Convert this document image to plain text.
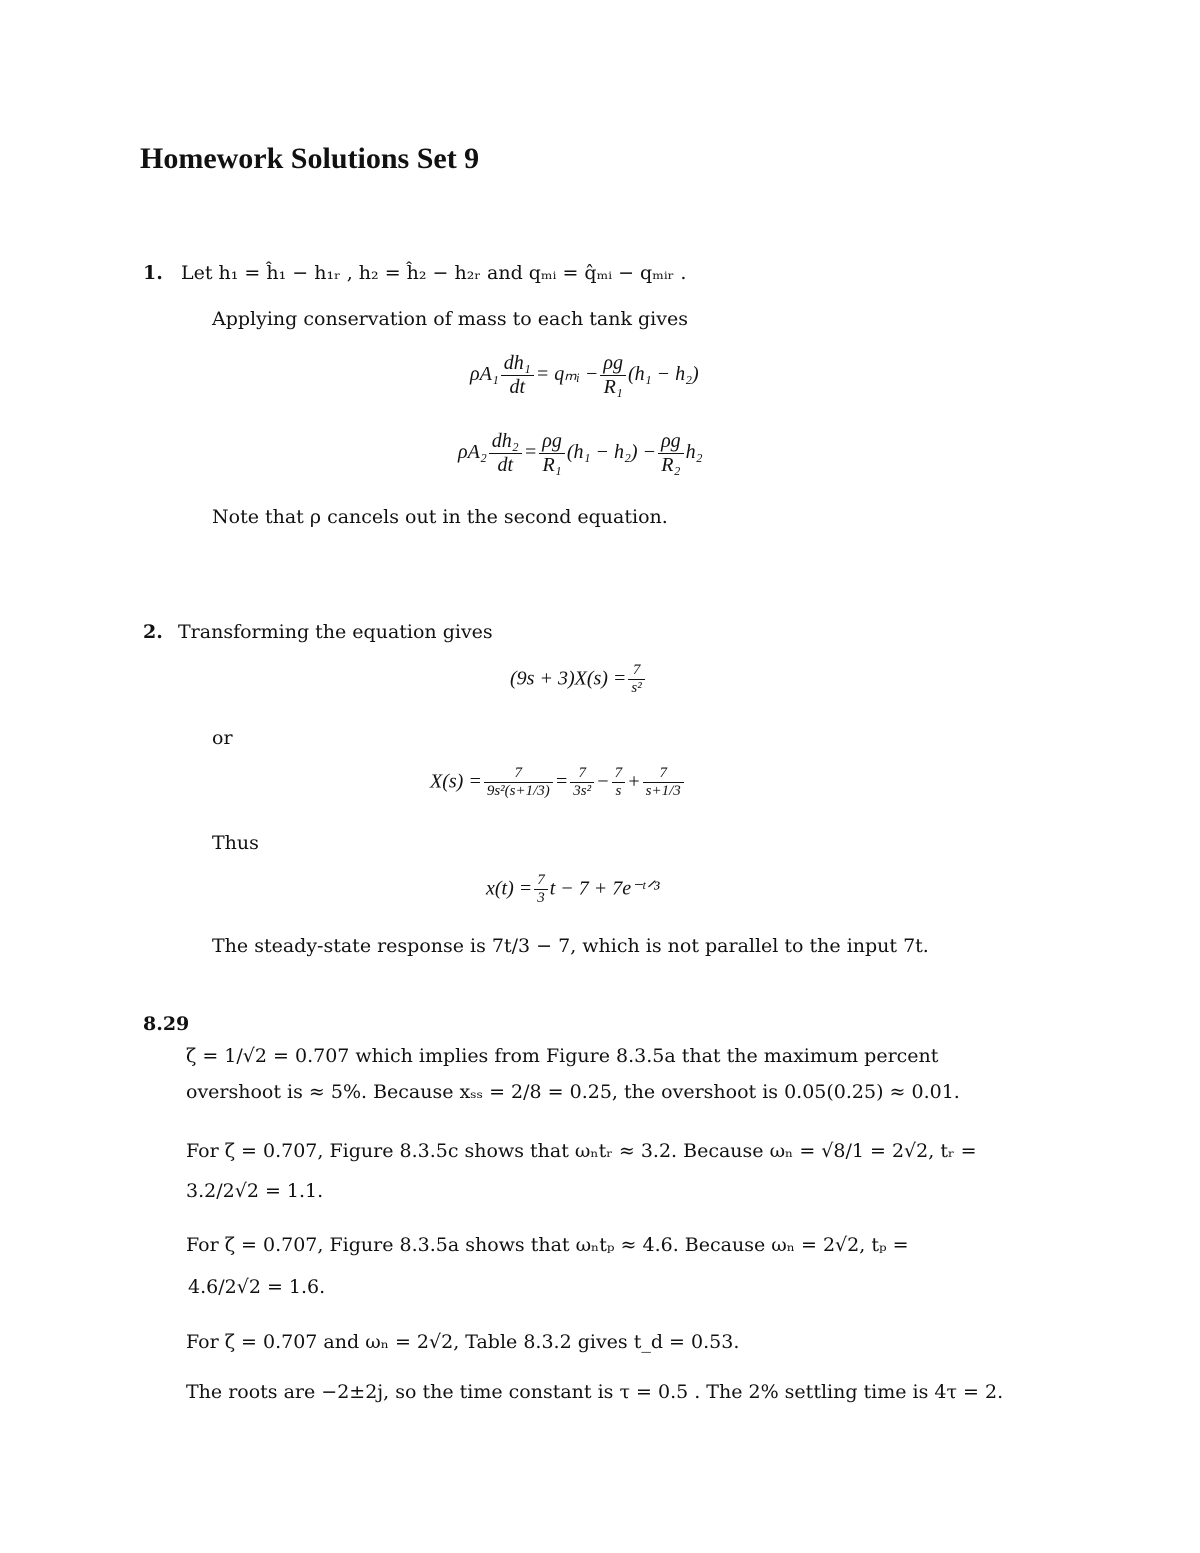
Homework Solutions Set 9
1. Let h₁ = ĥ₁ − h₁ᵣ , h₂ = ĥ₂ − h₂ᵣ and qₘᵢ = q̂ₘᵢ − qₘᵢᵣ .
Applying conservation of mass to each tank gives
$\rho A_1 \frac{\text{dh₁}}{dt}$ = qₘᵢ − $\frac{\rho g}{\text{R₁}} (h_1 - h_2)$
$\rho A_2 \frac{\text{dh₂}}{dt} = \frac{\rho g}{\text{R₁}} (h_1 - h_2) - \frac{\rho g}{\text{R₂}} h_2$
Note that ρ cancels out in the second equation.
2. Transforming the equation gives
$(9s + 3)X(s) = \frac{7}{\text{s²}}$
or
$X(s) = \frac{7}{\text{9s²(s+1/3)}} = \frac{7}{\text{3s²}} - \frac{7}{s} + \frac{7}{s+1/3}$
Thus
$x(t) = \frac{7}{3}$ t − 7 + 7e⁻ᵗᐟ³
The steady-state response is 7t/3 − 7, which is not parallel to the input 7t.
8.29
ζ = 1/√2 = 0.707 which implies from Figure 8.3.5a that the maximum percent
overshoot is ≈ 5%. Because xₛₛ = 2/8 = 0.25, the overshoot is 0.05(0.25) ≈ 0.01.
For ζ = 0.707, Figure 8.3.5c shows that ωₙtᵣ ≈ 3.2. Because ωₙ = √8/1 = 2√2, tᵣ =
3.2/2√2 = 1.1.
For ζ = 0.707, Figure 8.3.5a shows that ωₙtₚ ≈ 4.6. Because ωₙ = 2√2, tₚ =
4.6/2√2 = 1.6.
For ζ = 0.707 and ωₙ = 2√2, Table 8.3.2 gives t_d = 0.53.
The roots are −2±2j, so the time constant is τ = 0.5 . The 2% settling time is 4τ = 2.
